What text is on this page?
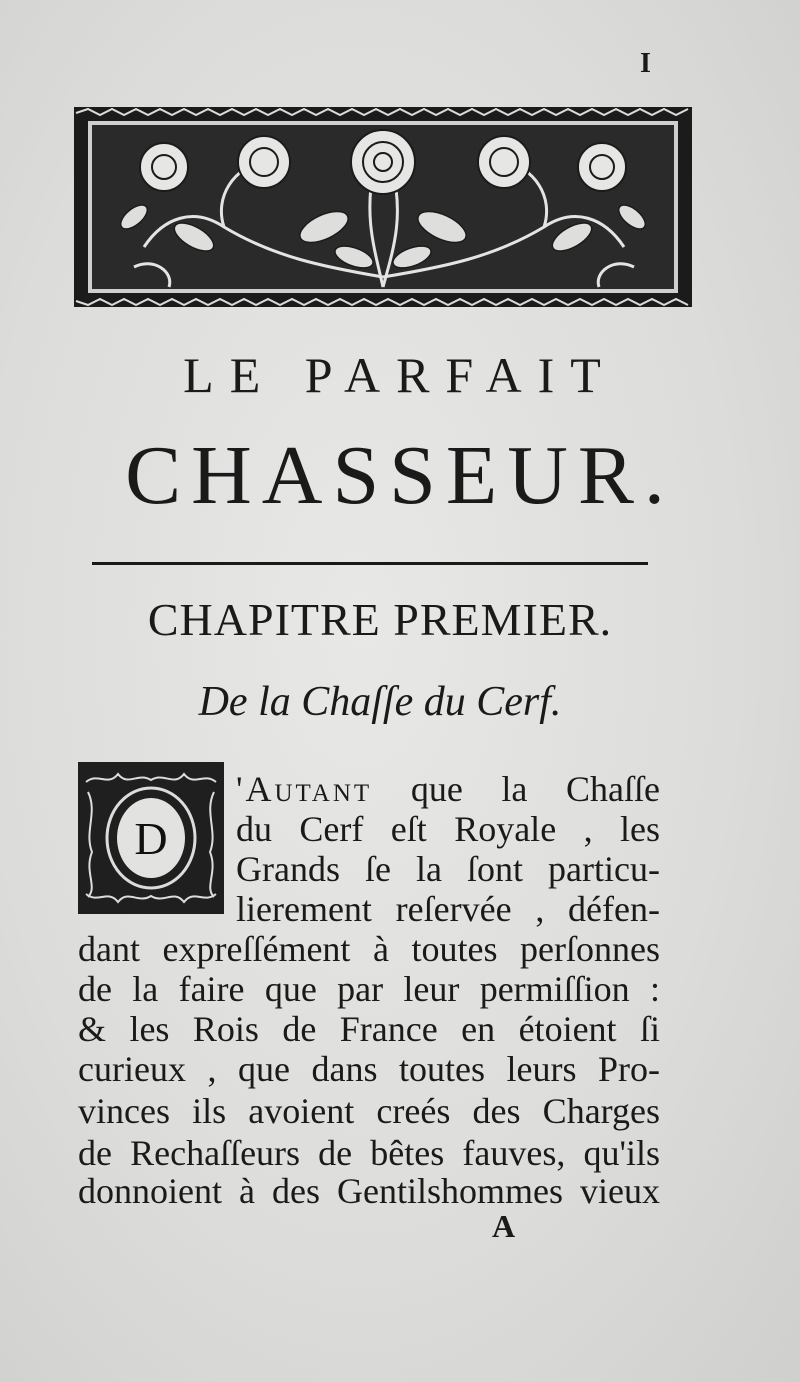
I
LE PARFAIT
CHASSEUR.
CHAPITRE PREMIER.
De la Chaſſe du Cerf.
D
'Autant que la Chaſſe
du Cerf eſt Royale , les
Grands ſe la ſont particu-
lierement reſervée , défen-
dant expreſſément à toutes perſonnes
de la faire que par leur permiſſion :
& les Rois de France en étoient ſi
curieux , que dans toutes leurs Pro-
vinces ils avoient creés des Charges
de Rechaſſeurs de bêtes fauves, qu'ils
donnoient à des Gentilshommes vieux
A
